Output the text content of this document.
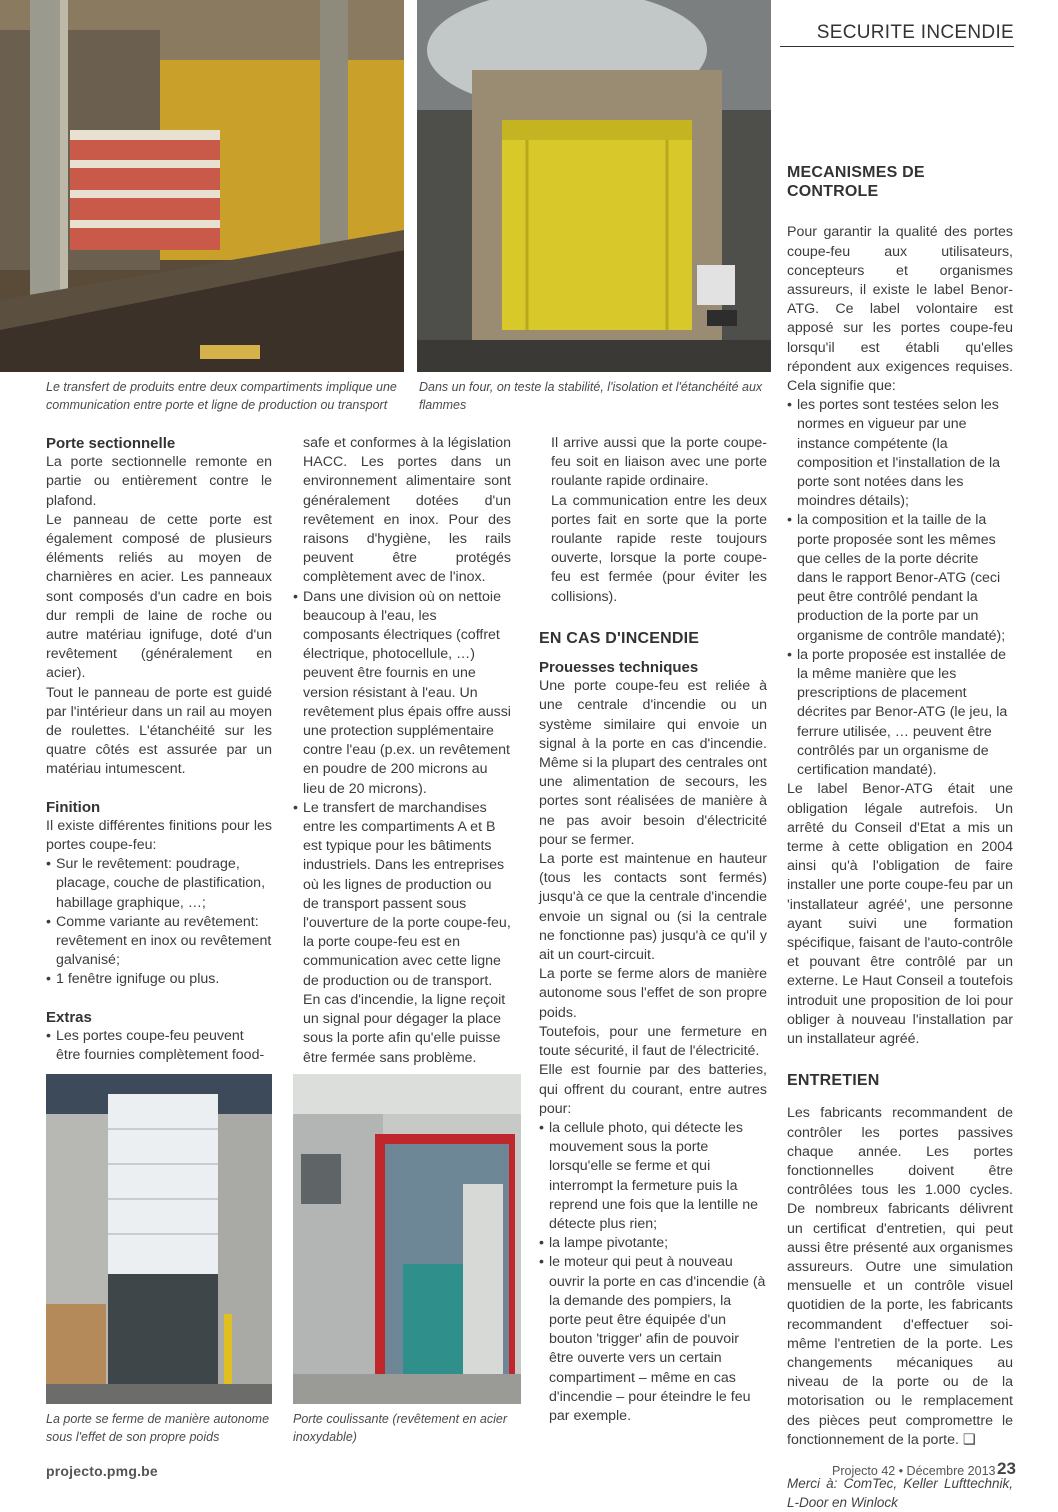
SECURITE INCENDIE
Le transfert de produits entre deux compartiments implique une communication entre porte et ligne de production ou transport
Dans un four, on teste la stabilité, l'isolation et l'étanchéité aux flammes
Porte sectionnelle

La porte sectionnelle remonte en partie ou entièrement contre le plafond.

Le panneau de cette porte est également composé de plusieurs éléments reliés au moyen de charnières en acier. Les panneaux sont composés d'un cadre en bois dur rempli de laine de roche ou autre matériau ignifuge, doté d'un revêtement (généralement en acier).

Tout le panneau de porte est guidé par l'intérieur dans un rail au moyen de roulettes. L'étanchéité sur les quatre côtés est assurée par un matériau intumescent.

Finition

Il existe différentes finitions pour les portes coupe-feu:

• Sur le revêtement: poudrage, placage, couche de plastification, habillage graphique, …;
• Comme variante au revêtement: revêtement en inox ou revêtement galvanisé;
• 1 fenêtre ignifuge ou plus.
Extras
• Les portes coupe-feu peuvent être fournies complètement food-

safe et conformes à la législation HACC. Les portes dans un environnement alimentaire sont généralement dotées d'un revêtement en inox. Pour des raisons d'hygiène, les rails peuvent être protégés complètement avec de l'inox.

• Dans une division où on nettoie beaucoup à l'eau, les composants électriques (coffret électrique, photocellule, …) peuvent être fournis en une version résistant à l'eau. Un revêtement plus épais offre aussi une protection supplémentaire contre l'eau (p.ex. un revêtement en poudre de 200 microns au lieu de 20 microns).
• Le transfert de marchandises entre les compartiments A et B est typique pour les bâtiments industriels. Dans les entreprises où les lignes de production ou de transport passent sous l'ouverture de la porte coupe-feu, la porte coupe-feu est en communication avec cette ligne de production ou de transport. En cas d'incendie, la ligne reçoit un signal pour dégager la place sous la porte afin qu'elle puisse être fermée sans problème.

Il arrive aussi que la porte coupe-feu soit en liaison avec une porte roulante rapide ordinaire.

La communication entre les deux portes fait en sorte que la porte roulante rapide reste toujours ouverte, lorsque la porte coupe-feu est fermée (pour éviter les collisions).

EN CAS D'INCENDIE
Prouesses techniques

Une porte coupe-feu est reliée à une centrale d'incendie ou un système similaire qui envoie un signal à la porte en cas d'incendie. Même si la plupart des centrales ont une alimentation de secours, les portes sont réalisées de manière à ne pas avoir besoin d'électricité pour se fermer.

La porte est maintenue en hauteur (tous les contacts sont fermés) jusqu'à ce que la centrale d'incendie envoie un signal ou (si la centrale ne fonctionne pas) jusqu'à ce qu'il y ait un court-circuit.

La porte se ferme alors de manière autonome sous l'effet de son propre poids.

Toutefois, pour une fermeture en toute sécurité, il faut de l'électricité.

Elle est fournie par des batteries, qui offrent du courant, entre autres pour:

• la cellule photo, qui détecte les mouvement sous la porte lorsqu'elle se ferme et qui interrompt la fermeture puis la reprend une fois que la lentille ne détecte plus rien;
• la lampe pivotante;
• le moteur qui peut à nouveau ouvrir la porte en cas d'incendie (à la demande des pompiers, la porte peut être équipée d'un bouton 'trigger' afin de pouvoir être ouverte vers un certain compartiment – même en cas d'incendie – pour éteindre le feu par exemple.
MECANISMES DE CONTROLE

Pour garantir la qualité des portes coupe-feu aux utilisateurs, concepteurs et organismes assureurs, il existe le label Benor-ATG. Ce label volontaire est apposé sur les portes coupe-feu lorsqu'il est établi qu'elles répondent aux exigences requises. Cela signifie que:

• les portes sont testées selon les normes en vigueur par une instance compétente (la composition et l'installation de la porte sont notées dans les moindres détails);
• la composition et la taille de la porte proposée sont les mêmes que celles de la porte décrite dans le rapport Benor-ATG (ceci peut être contrôlé pendant la production de la porte par un organisme de contrôle mandaté);
• la porte proposée est installée de la même manière que les prescriptions de placement décrites par Benor-ATG (le jeu, la ferrure utilisée, … peuvent être contrôlés par un organisme de certification mandaté).

Le label Benor-ATG était une obligation légale autrefois. Un arrêté du Conseil d'Etat a mis un terme à cette obligation en 2004 ainsi qu'à l'obligation de faire installer une porte coupe-feu par un 'installateur agréé', une personne ayant suivi une formation spécifique, faisant de l'auto-contrôle et pouvant être contrôlé par un externe. Le Haut Conseil a toutefois introduit une proposition de loi pour obliger à nouveau l'installation par un installateur agréé.

ENTRETIEN

Les fabricants recommandent de contrôler les portes passives chaque année. Les portes fonctionnelles doivent être contrôlées tous les 1.000 cycles. De nombreux fabricants délivrent un certificat d'entretien, qui peut aussi être présenté aux organismes assureurs. Outre une simulation mensuelle et un contrôle visuel quotidien de la porte, les fabricants recommandent d'effectuer soi-même l'entretien de la porte. Les changements mécaniques au niveau de la porte ou de la motorisation ou le remplacement des pièces peut compromettre le fonctionnement de la porte. ❑

Merci à: ComTec, Keller Lufttechnik, L-Door en Winlock

La porte se ferme de manière autonome sous l'effet de son propre poids
Porte coulissante (revêtement en acier inoxydable)
projecto.pmg.be	Projecto 42 • Décembre 2013 23
